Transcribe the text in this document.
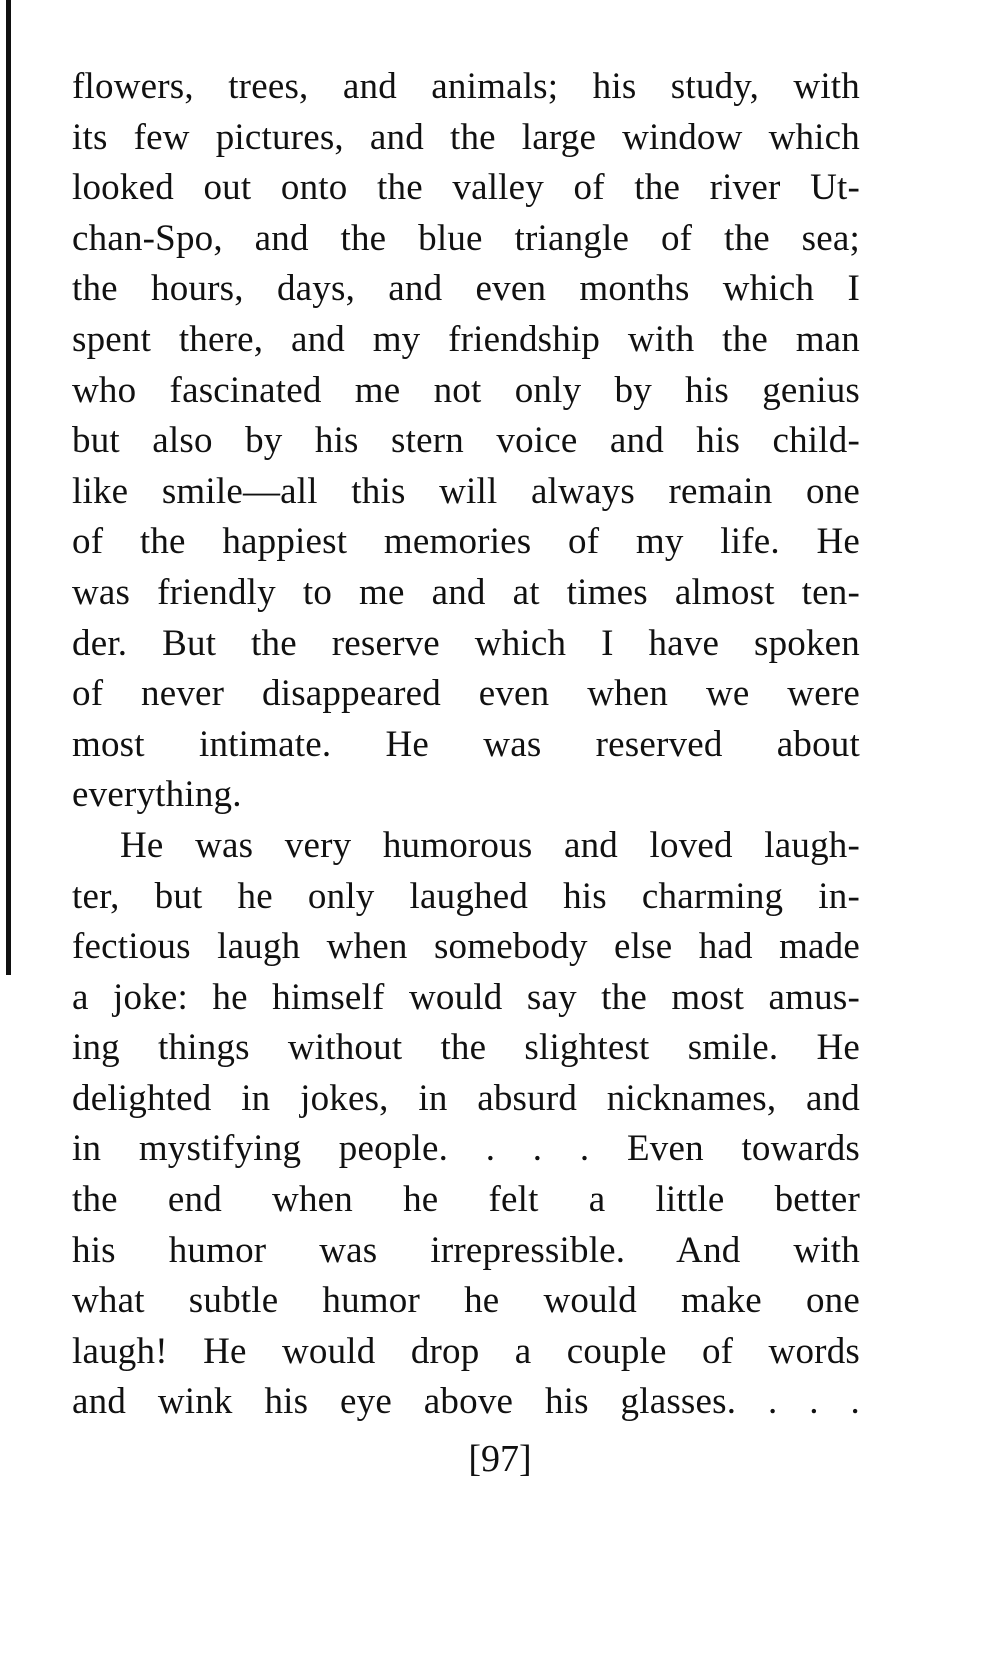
flowers, trees, and animals; his study, with
its few pictures, and the large window which
looked out onto the valley of the river Ut-
chan-Spo, and the blue triangle of the sea;
the hours, days, and even months which I
spent there, and my friendship with the man
who fascinated me not only by his genius
but also by his stern voice and his child-
like smile—all this will always remain one
of the happiest memories of my life. He
was friendly to me and at times almost ten-
der. But the reserve which I have spoken
of never disappeared even when we were
most intimate. He was reserved about
everything.
He was very humorous and loved laugh-
ter, but he only laughed his charming in-
fectious laugh when somebody else had made
a joke: he himself would say the most amus-
ing things without the slightest smile. He
delighted in jokes, in absurd nicknames, and
in mystifying people. . . . Even towards
the end when he felt a little better
his humor was irrepressible. And with
what subtle humor he would make one
laugh! He would drop a couple of words
and wink his eye above his glasses. . . .
[97]
